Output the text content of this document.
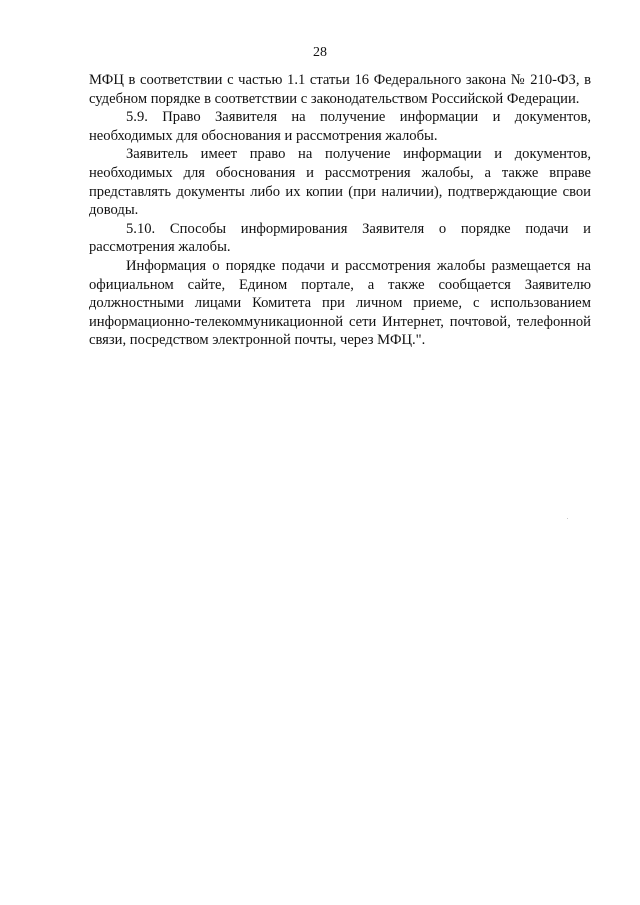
28

МФЦ в соответствии с частью 1.1 статьи 16 Федерального закона № 210-ФЗ, в судебном порядке в соответствии с законодательством Российской Федерации.

5.9. Право Заявителя на получение информации и документов, необходимых для обоснования и рассмотрения жалобы.

Заявитель имеет право на получение информации и документов, необходимых для обоснования и рассмотрения жалобы, а также вправе представлять документы либо их копии (при наличии), подтверждающие свои доводы.

5.10. Способы информирования Заявителя о порядке подачи и рассмотрения жалобы.

Информация о порядке подачи и рассмотрения жалобы размещается на официальном сайте, Едином портале, а также сообщается Заявителю должностными лицами Комитета при личном приеме, с использованием информационно-телекоммуникационной сети Интернет, почтовой, телефонной связи, посредством электронной почты, через МФЦ.".
